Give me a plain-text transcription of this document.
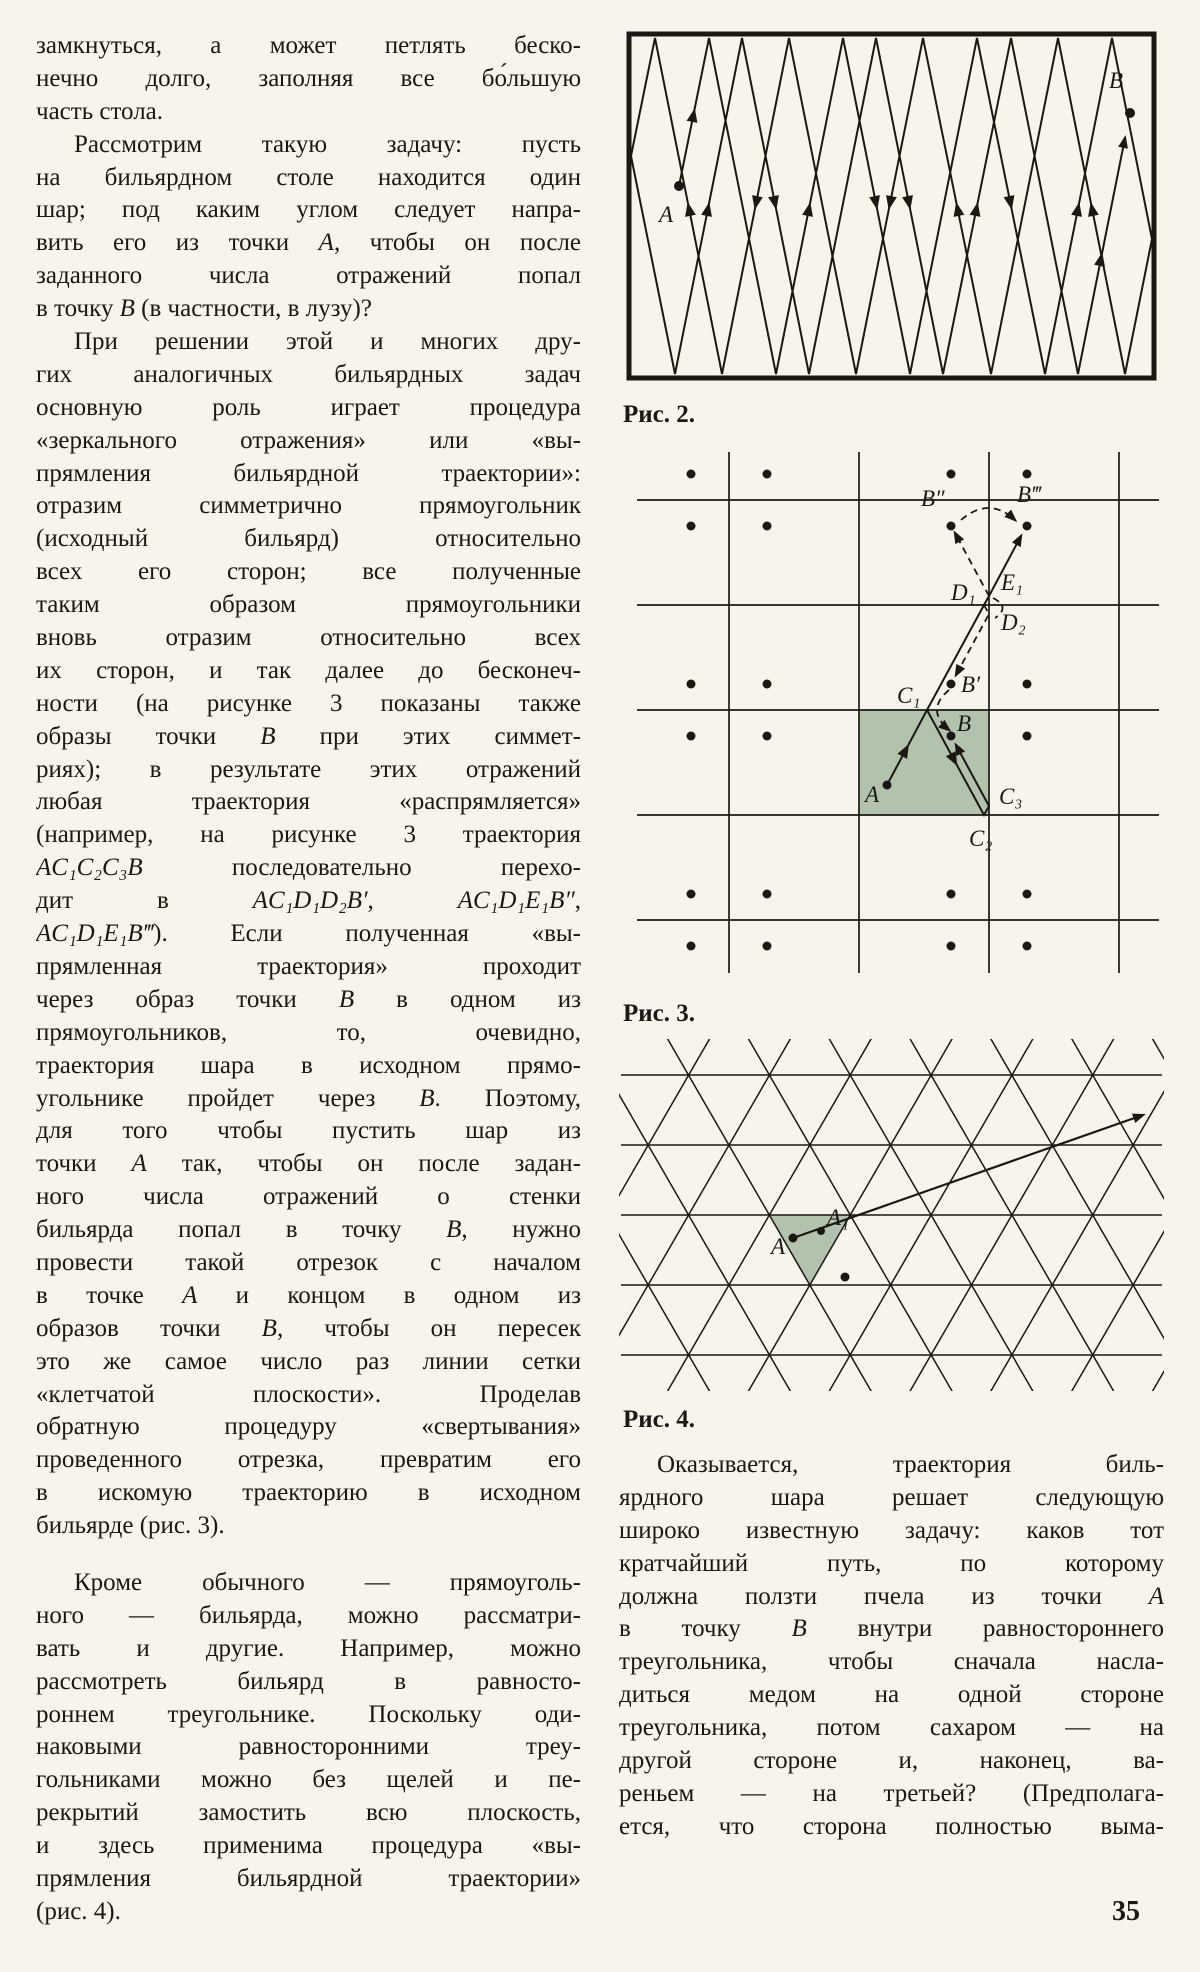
замкнуться, а может петлять беско-
нечно долго, заполняя все бо́льшую
часть стола.
Рассмотрим такую задачу: пусть
на бильярдном столе находится один
шар; под каким углом следует напра-
вить его из точки A, чтобы он после
заданного числа отражений попал
в точку B (в частности, в лузу)?
При решении этой и многих дру-
гих аналогичных бильярдных задач
основную роль играет процедура
«зеркального отражения» или «вы-
прямления бильярдной траектории»:
отразим симметрично прямоугольник
(исходный бильярд) относительно
всех его сторон; все полученные
таким образом прямоугольники
вновь отразим относительно всех
их сторон, и так далее до бесконеч-
ности (на рисунке 3 показаны также
образы точки B при этих симмет-
риях); в результате этих отражений
любая траектория «распрямляется»
(например, на рисунке 3 траектория
AC₁C₂C₃B последовательно перехо-
дит в AC₁D₁D₂B′, AC₁D₁E₁B″,
AC₁D₁E₁B‴). Если полученная «вы-
прямленная траектория» проходит
через образ точки B в одном из
прямоугольников, то, очевидно,
траектория шара в исходном прямо-
угольнике пройдет через B. Поэтому,
для того чтобы пустить шар из
точки A так, чтобы он после задан-
ного числа отражений о стенки
бильярда попал в точку B, нужно
провести такой отрезок с началом
в точке A и концом в одном из
образов точки B, чтобы он пересек
это же самое число раз линии сетки
«клетчатой плоскости». Проделав
обратную процедуру «свертывания»
проведенного отрезка, превратим его
в искомую траекторию в исходном
бильярде (рис. 3).
Кроме обычного — прямоуголь-
ного — бильярда, можно рассматри-
вать и другие. Например, можно
рассмотреть бильярд в равносто-
роннем треугольнике. Поскольку оди-
наковыми равносторонними треу-
гольниками можно без щелей и пе-
рекрытий замостить всю плоскость,
и здесь применима процедура «вы-
прямления бильярдной траектории»
(рис. 4).
A
B
Рис. 2.
A
B
B′
B″	B‴
C₁
C₂
C₃
D₁ E₁
D₂
Рис. 3.
A
A₁
Рис. 4.
Оказывается, траектория биль-
ярдного шара решает следующую
широко известную задачу: каков тот
кратчайший путь, по которому
должна ползти пчела из точки A
в точку B внутри равностороннего
треугольника, чтобы сначала насла-
диться медом на одной стороне
треугольника, потом сахаром — на
другой стороне и, наконец, ва-
реньем — на третьей? (Предполага-
ется, что сторона полностью выма-
35
